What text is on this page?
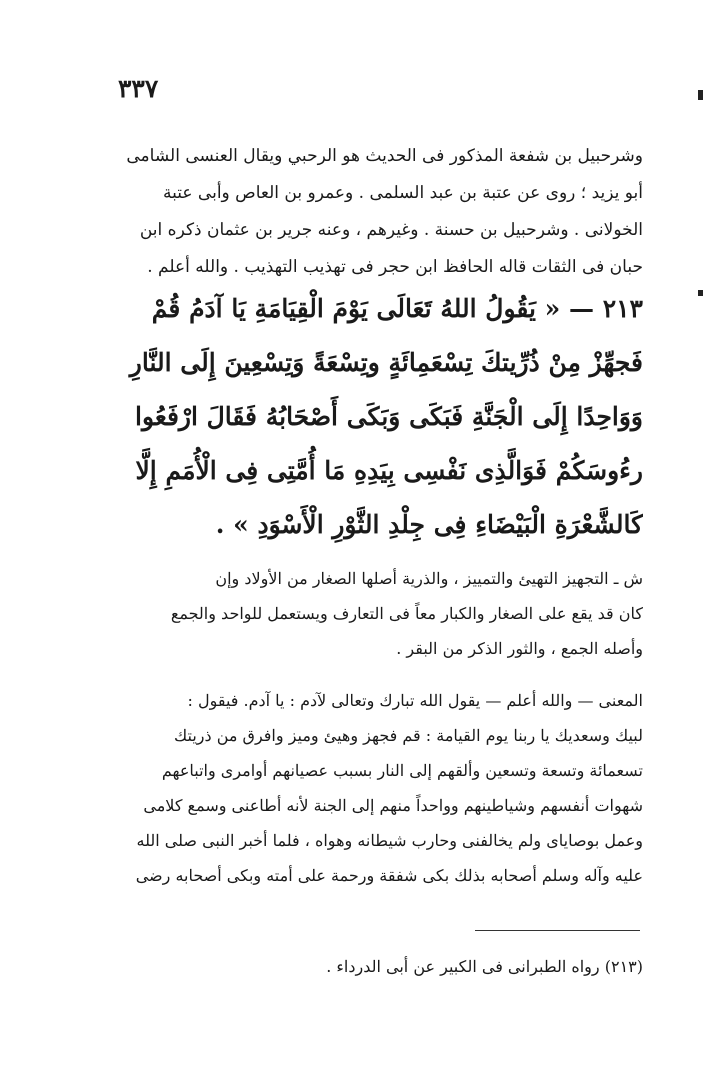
٣٣٧
وشرحبيل بن شفعة المذكور فى الحديث هو الرحبي ويقال العنسى الشامى
أبو يزيد ؛ روى عن عتبة بن عبد السلمى . وعمرو بن العاص وأبى عتبة
الخولانى . وشرحبيل بن حسنة . وغيرهم ، وعنه جرير بن عثمان ذكره ابن
حبان فى الثقات قاله الحافظ ابن حجر فى تهذيب التهذيب . والله أعلم .
٢١٣ — « يَقُولُ اللهُ تَعَالَى يَوْمَ الْقِيَامَةِ يَا آدَمُ قُمْ
فَجهِّزْ مِنْ ذُرِّيتكَ تِسْعَمِائَةٍ وتِسْعَةً وَتِسْعِينَ إِلَى النَّارِ
وَوَاحِدًا إِلَى الْجَنَّةِ فَبَكَى وَبَكَى أَصْحَابُهُ فَقَالَ ارْفَعُوا
رءُوسَكُمْ فَوَالَّذِى نَفْسِى بِيَدِهِ مَا أُمَّتِى فِى الْأُمَمِ إِلَّا
كَالشَّعْرَةِ الْبَيْضَاءِ فِى جِلْدِ الثَّوْرِ الْأَسْوَدِ » .
ش ـ التجهيز التهيئ والتمييز ، والذرية أصلها الصغار من الأولاد وإن
كان قد يقع على الصغار والكبار معاً فى التعارف ويستعمل للواحد والجمع
وأصله الجمع ، والثور الذكر من البقر .
المعنى — والله أعلم — يقول الله تبارك وتعالى لآدم : يا آدم. فيقول :
لبيك وسعديك يا ربنا يوم القيامة : قم فجهز وهيئ وميز وافرق من ذريتك
تسعمائة وتسعة وتسعين وألقهم إلى النار بسبب عصيانهم أوامرى واتباعهم
شهوات أنفسهم وشياطينهم وواحداً منهم إلى الجنة لأنه أطاعنى وسمع كلامى
وعمل بوصاياى ولم يخالفنى وحارب شيطانه وهواه ، فلما أخبر النبى صلى الله
عليه وآله وسلم أصحابه بذلك بكى شفقة ورحمة على أمته وبكى أصحابه رضى
(٢١٣) رواه الطبرانى فى الكبير عن أبى الدرداء .
